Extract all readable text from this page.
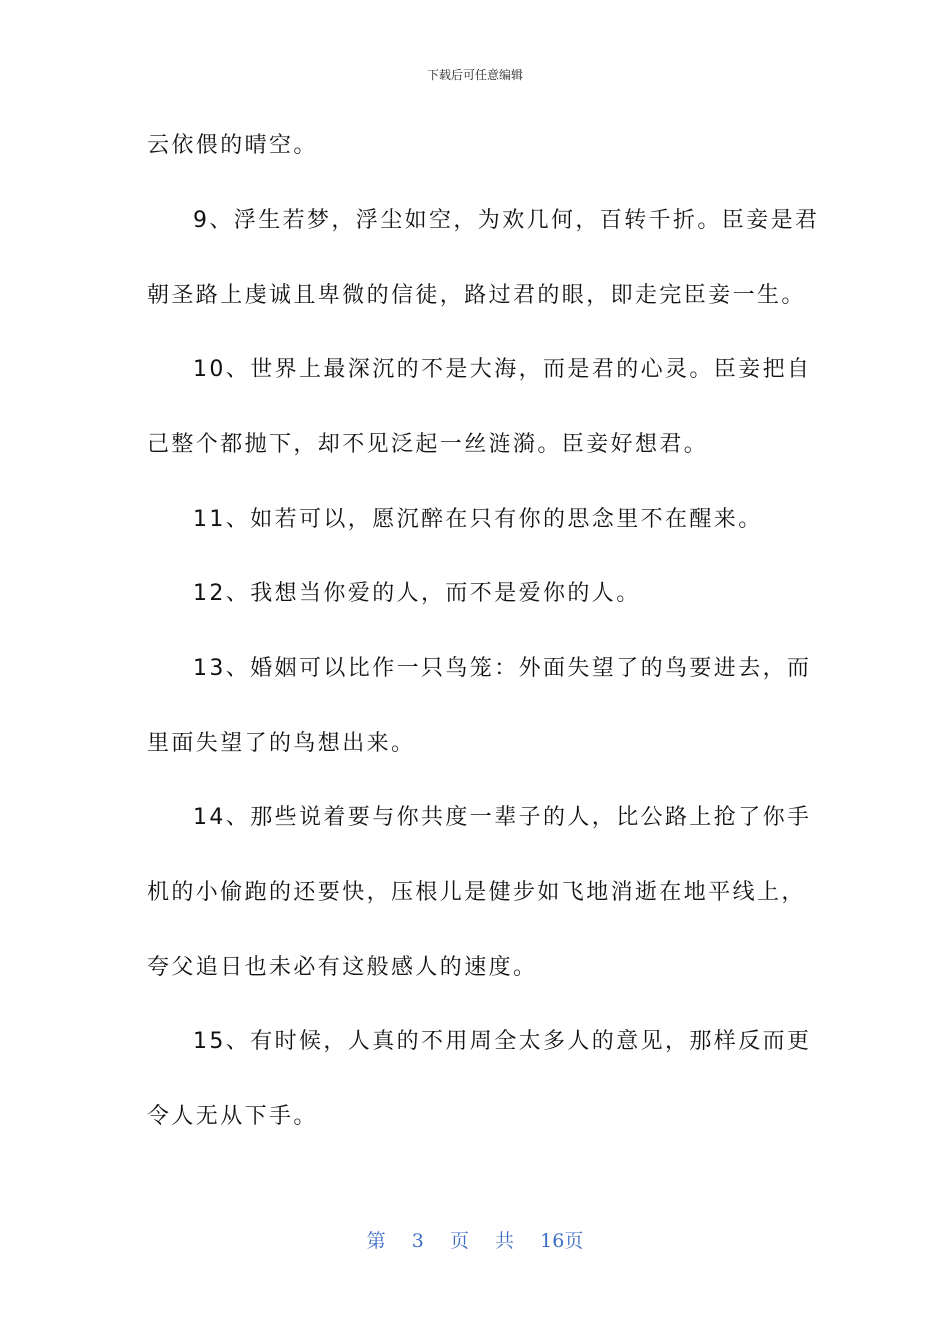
下载后可任意编辑
云依偎的晴空。
9、浮生若梦，浮尘如空，为欢几何，百转千折。臣妾是君
朝圣路上虔诚且卑微的信徒，路过君的眼，即走完臣妾一生。
10、世界上最深沉的不是大海，而是君的心灵。臣妾把自
己整个都抛下，却不见泛起一丝涟漪。臣妾好想君。
11、如若可以，愿沉醉在只有你的思念里不在醒来。
12、我想当你爱的人，而不是爱你的人。
13、婚姻可以比作一只鸟笼：外面失望了的鸟要进去，而
里面失望了的鸟想出来。
14、那些说着要与你共度一辈子的人，比公路上抢了你手
机的小偷跑的还要快，压根儿是健步如飞地消逝在地平线上，
夸父追日也未必有这般感人的速度。
15、有时候，人真的不用周全太多人的意见，那样反而更
令人无从下手。
第 3 页 共 16页
